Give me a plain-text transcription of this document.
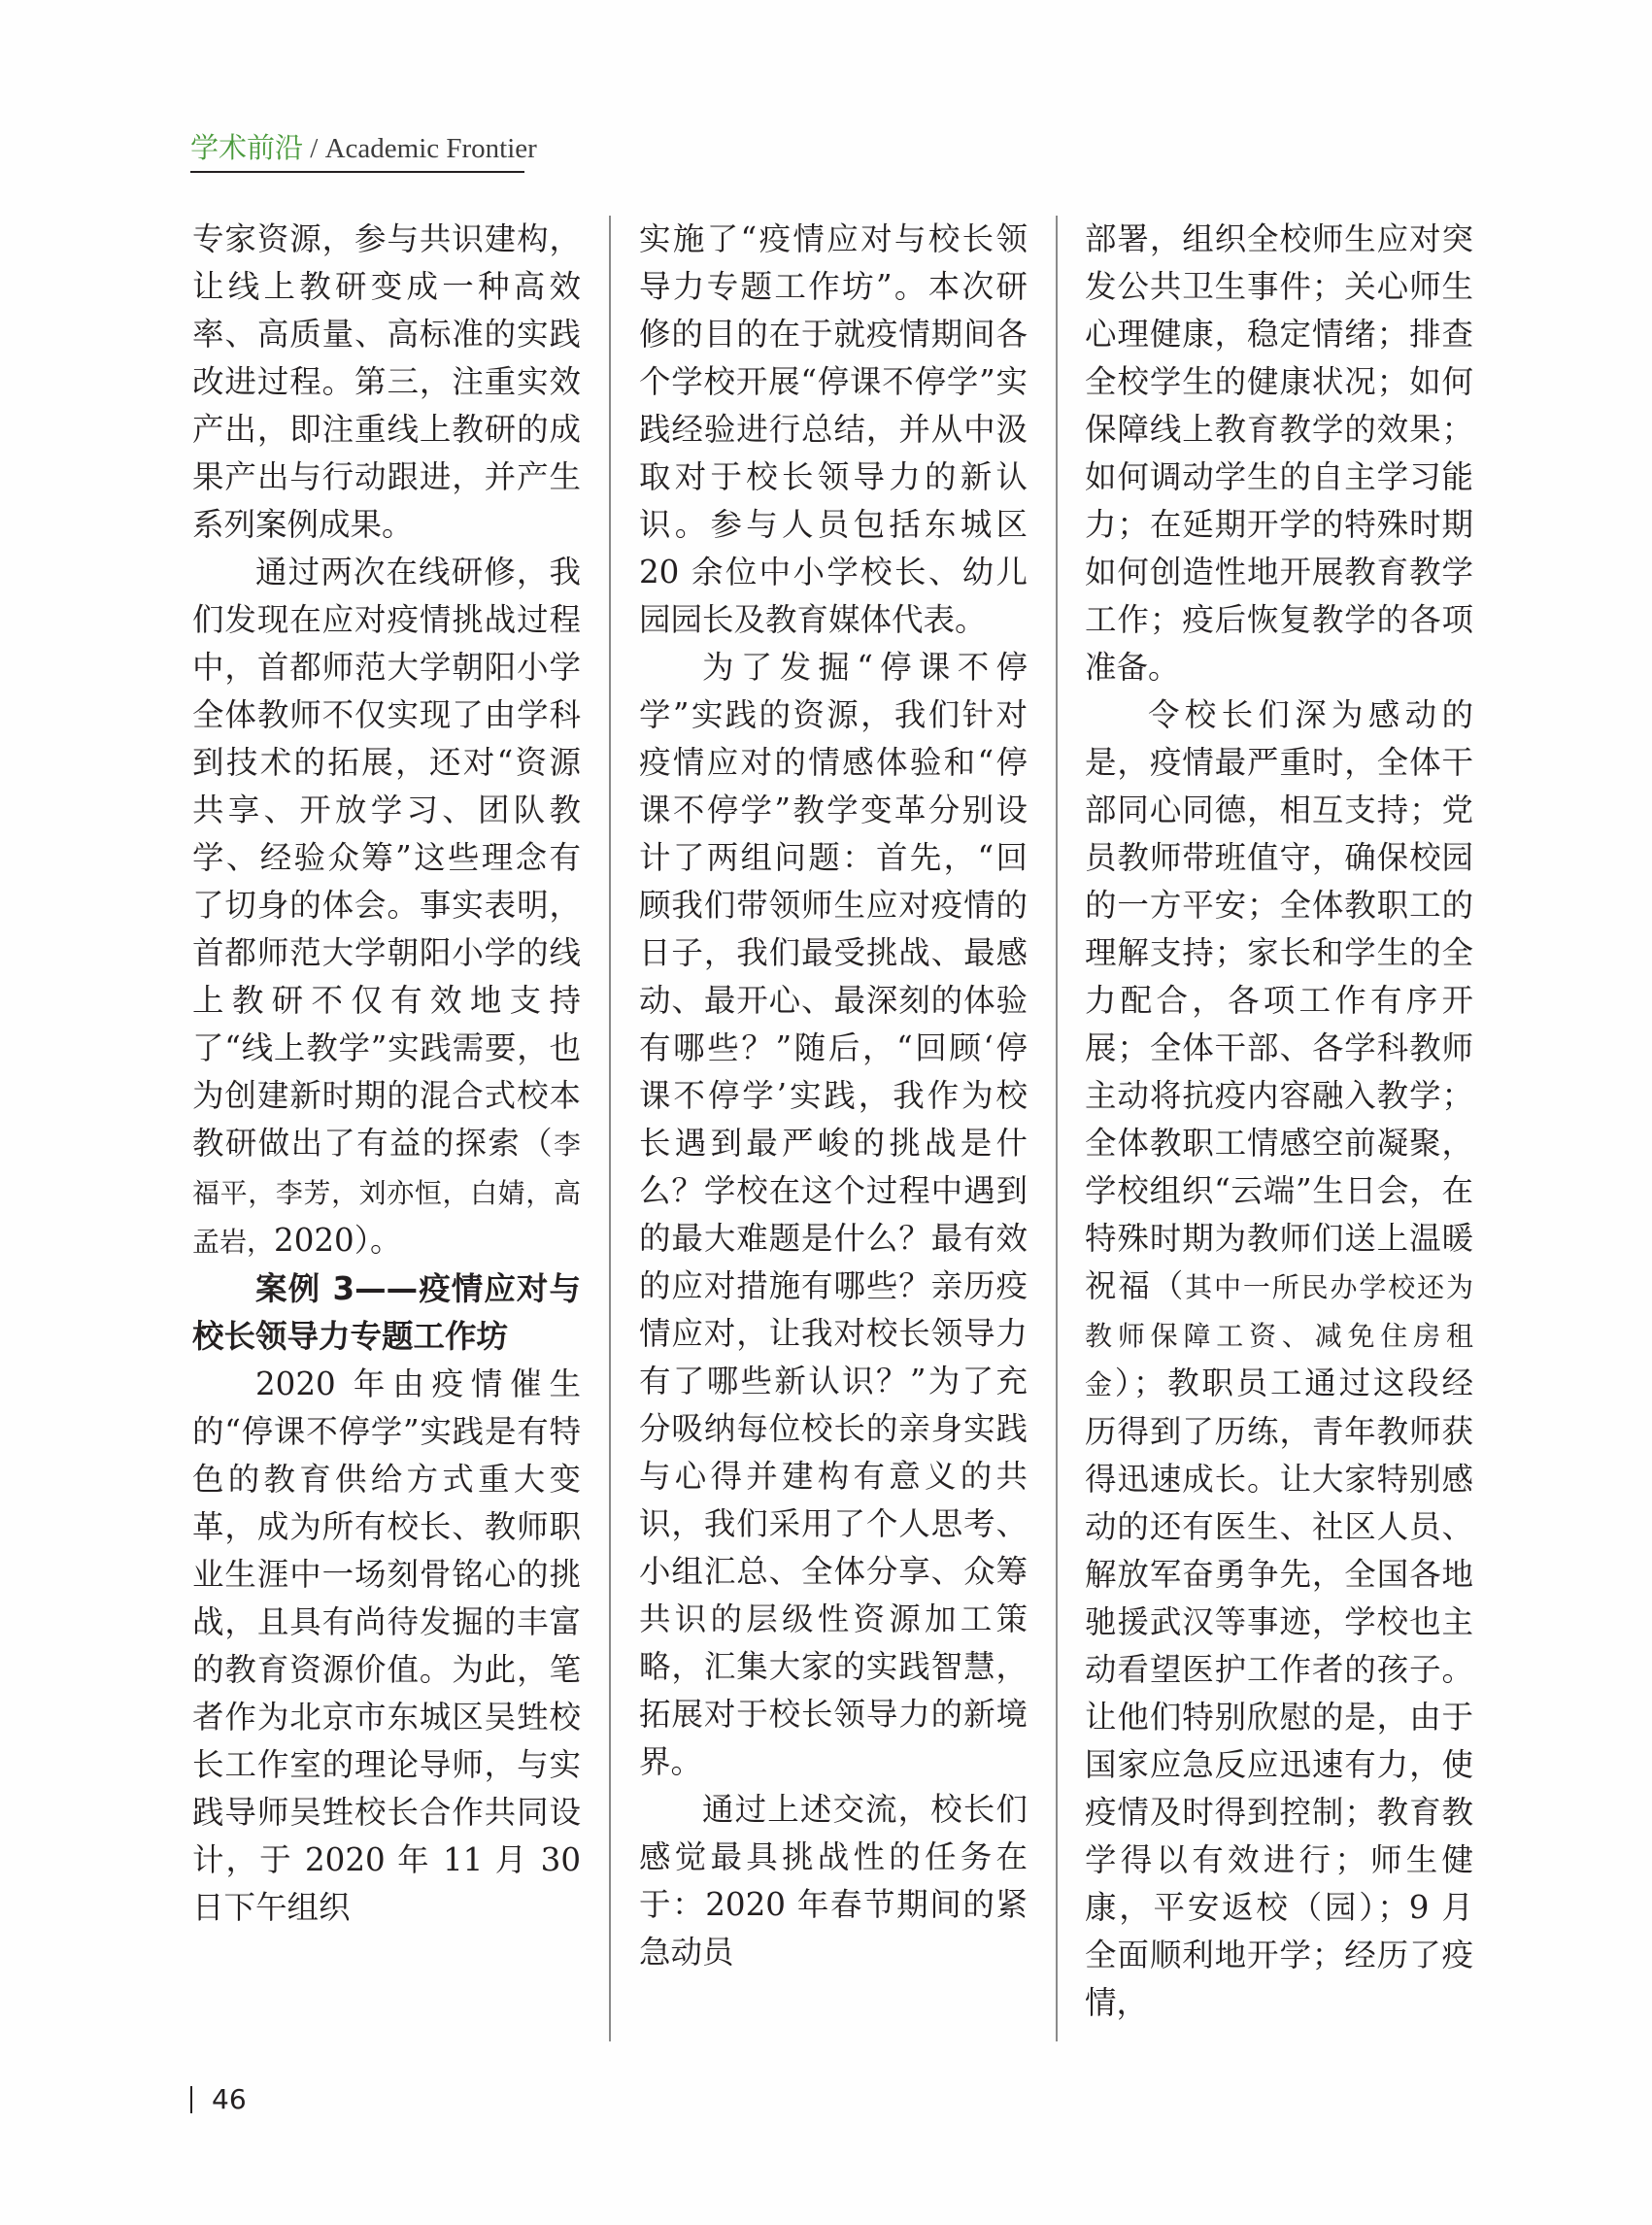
学术前沿 / Academic Frontier

专家资源，参与共识建构，让线上教研变成一种高效率、高质量、高标准的实践改进过程。第三，注重实效产出，即注重线上教研的成果产出与行动跟进，并产生系列案例成果。

通过两次在线研修，我们发现在应对疫情挑战过程中，首都师范大学朝阳小学全体教师不仅实现了由学科到技术的拓展，还对“资源共享、开放学习、团队教学、经验众筹”这些理念有了切身的体会。事实表明，首都师范大学朝阳小学的线上教研不仅有效地支持了“线上教学”实践需要，也为创建新时期的混合式校本教研做出了有益的探索（李福平，李芳，刘亦恒，白婧，高孟岩，2020）。

案例 3——疫情应对与校长领导力专题工作坊

2020 年由疫情催生的“停课不停学”实践是有特色的教育供给方式重大变革，成为所有校长、教师职业生涯中一场刻骨铭心的挑战，且具有尚待发掘的丰富的教育资源价值。为此，笔者作为北京市东城区吴甡校长工作室的理论导师，与实践导师吴甡校长合作共同设计，于 2020 年 11 月 30 日下午组织

实施了“疫情应对与校长领导力专题工作坊”。本次研修的目的在于就疫情期间各个学校开展“停课不停学”实践经验进行总结，并从中汲取对于校长领导力的新认识。参与人员包括东城区 20 余位中小学校长、幼儿园园长及教育媒体代表。

为了发掘“停课不停学”实践的资源，我们针对疫情应对的情感体验和“停课不停学”教学变革分别设计了两组问题：首先，“回顾我们带领师生应对疫情的日子，我们最受挑战、最感动、最开心、最深刻的体验有哪些？”随后，“回顾‘停课不停学’实践，我作为校长遇到最严峻的挑战是什么？学校在这个过程中遇到的最大难题是什么？最有效的应对措施有哪些？亲历疫情应对，让我对校长领导力有了哪些新认识？”为了充分吸纳每位校长的亲身实践与心得并建构有意义的共识，我们采用了个人思考、小组汇总、全体分享、众筹共识的层级性资源加工策略，汇集大家的实践智慧，拓展对于校长领导力的新境界。

通过上述交流，校长们感觉最具挑战性的任务在于：2020 年春节期间的紧急动员

部署，组织全校师生应对突发公共卫生事件；关心师生心理健康，稳定情绪；排查全校学生的健康状况；如何保障线上教育教学的效果；如何调动学生的自主学习能力；在延期开学的特殊时期如何创造性地开展教育教学工作；疫后恢复教学的各项准备。

令校长们深为感动的是，疫情最严重时，全体干部同心同德，相互支持；党员教师带班值守，确保校园的一方平安；全体教职工的理解支持；家长和学生的全力配合，各项工作有序开展；全体干部、各学科教师主动将抗疫内容融入教学；全体教职工情感空前凝聚，学校组织“云端”生日会，在特殊时期为教师们送上温暖祝福（其中一所民办学校还为教师保障工资、减免住房租金）；教职员工通过这段经历得到了历练，青年教师获得迅速成长。让大家特别感动的还有医生、社区人员、解放军奋勇争先，全国各地驰援武汉等事迹，学校也主动看望医护工作者的孩子。让他们特别欣慰的是，由于国家应急反应迅速有力，使疫情及时得到控制；教育教学得以有效进行；师生健康，平安返校（园）；9 月全面顺利地开学；经历了疫情，

46
